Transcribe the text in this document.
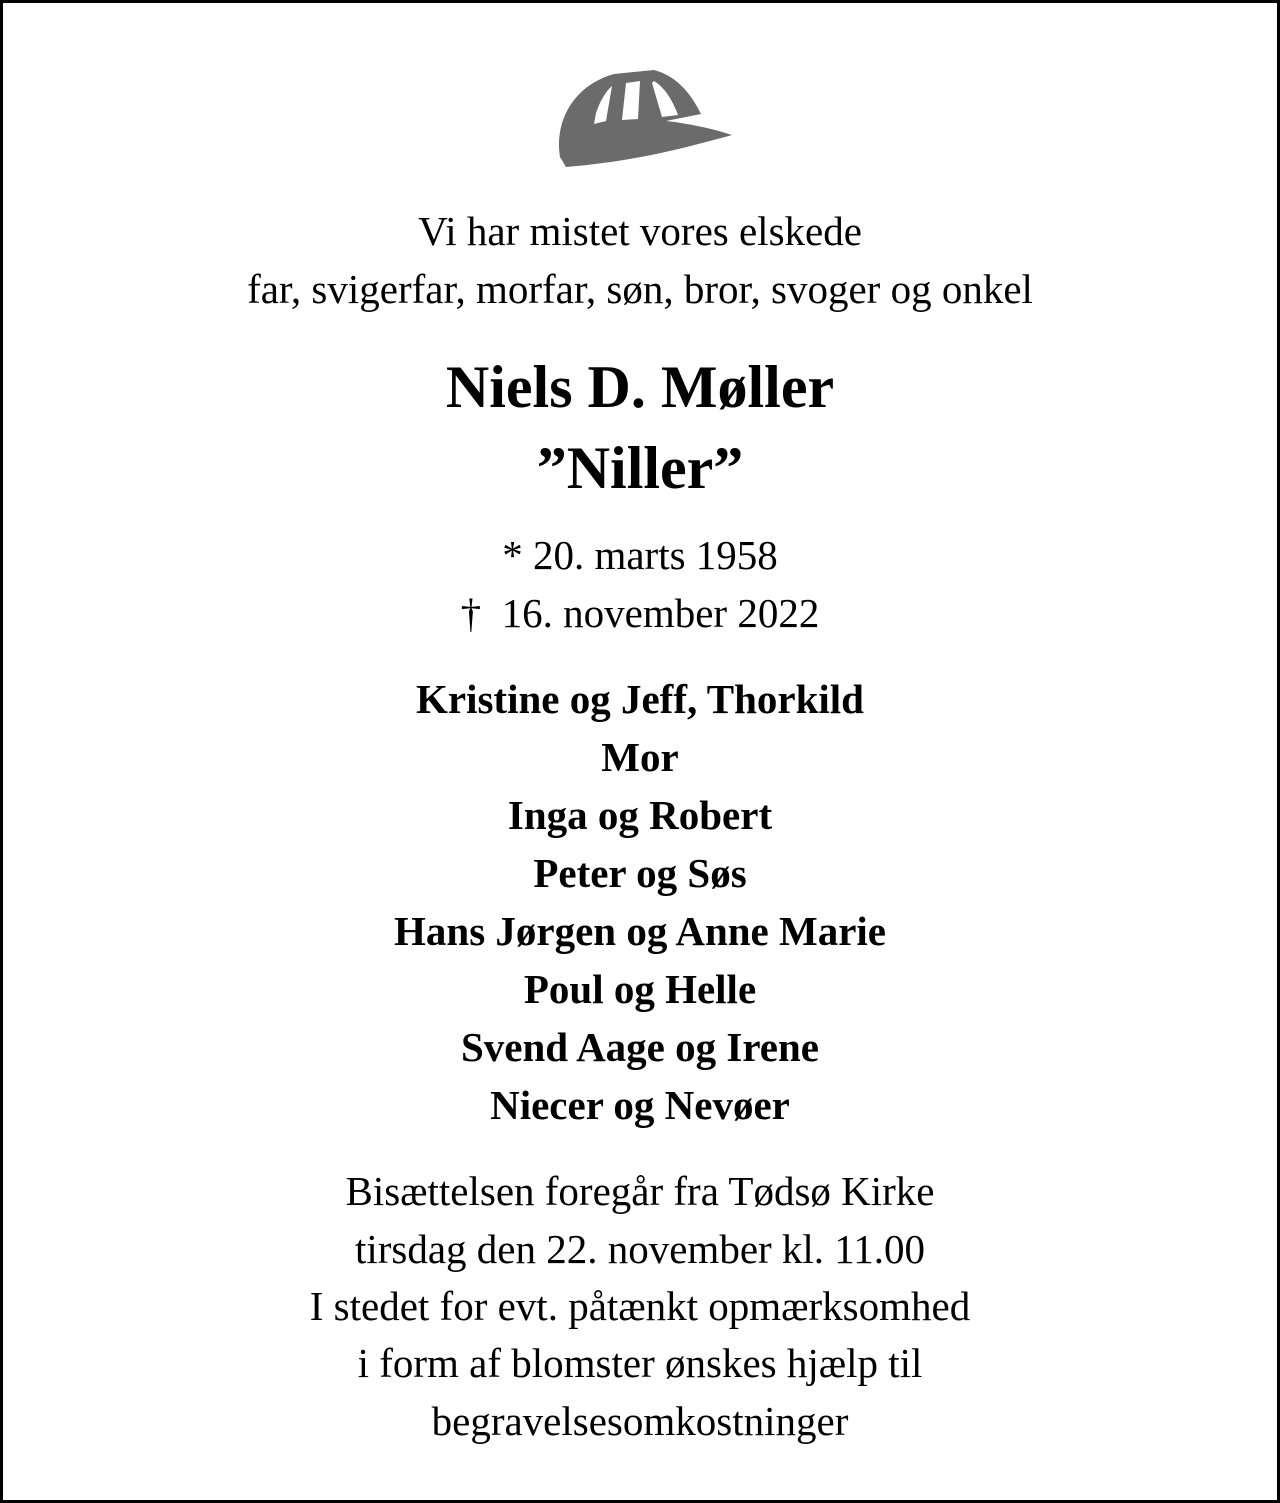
Vi har mistet vores elskede
far, svigerfar, morfar, søn, bror, svoger og onkel
Niels D. Møller
”Niller”
* 20. marts 1958
†  16. november 2022
Kristine og Jeff, Thorkild
Mor
Inga og Robert
Peter og Søs
Hans Jørgen og Anne Marie
Poul og Helle
Svend Aage og Irene
Niecer og Nevøer
Bisættelsen foregår fra Tødsø Kirke
tirsdag den 22. november kl. 11.00
I stedet for evt. påtænkt opmærksomhed
i form af blomster ønskes hjælp til
begravelsesomkostninger
